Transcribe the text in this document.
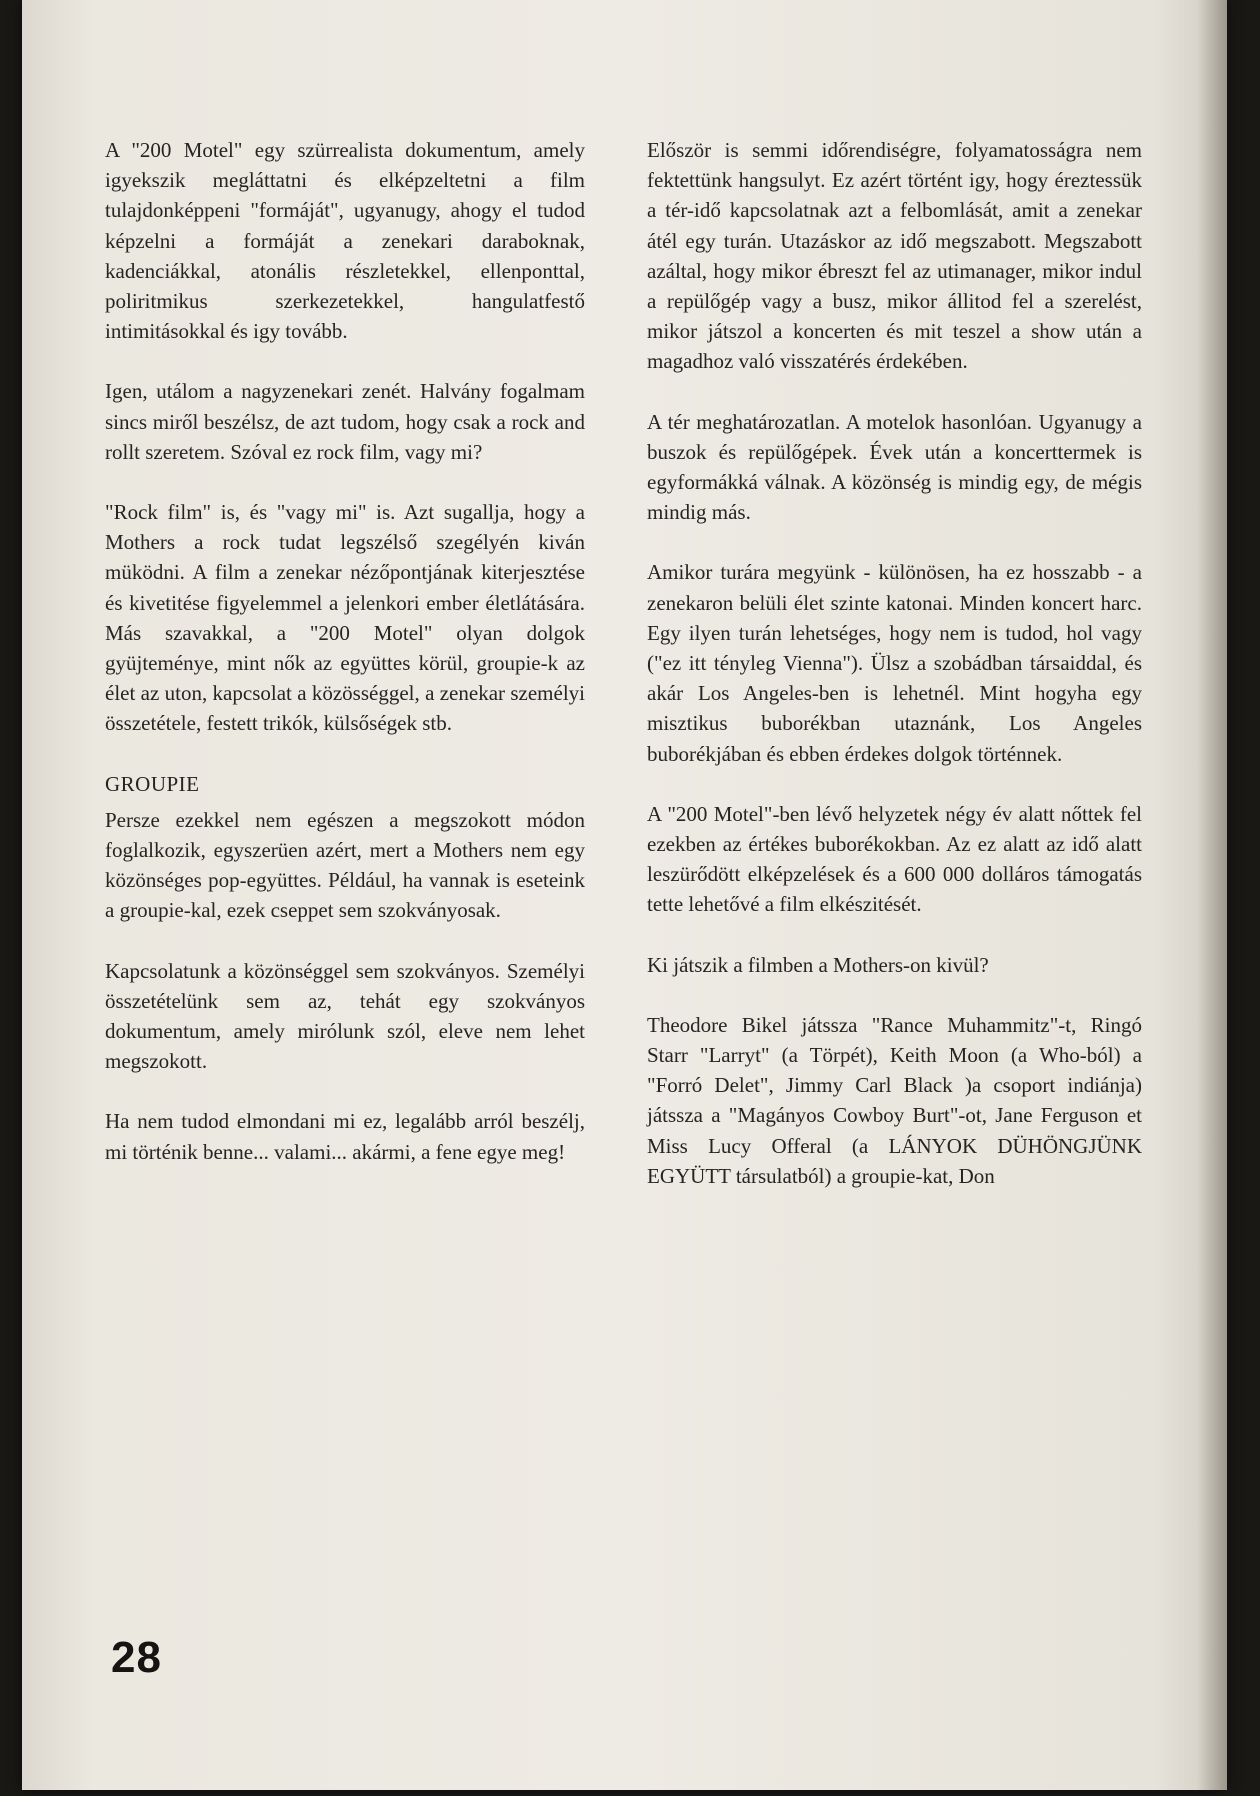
A "200 Motel" egy szürrealista dokumentum, amely igyekszik megláttatni és elképzeltetni a film tulajdonképpeni "formáját", ugyanugy, ahogy el tudod képzelni a formáját a zenekari daraboknak, kadenciákkal, atonális részletekkel, ellenponttal, poliritmikus szerkezetekkel, hangulatfestő intimitásokkal és igy tovább.

Igen, utálom a nagyzenekari zenét. Halvány fogalmam sincs miről beszélsz, de azt tudom, hogy csak a rock and rollt szeretem. Szóval ez rock film, vagy mi?

"Rock film" is, és "vagy mi" is. Azt sugallja, hogy a Mothers a rock tudat legszélső szegélyén kiván müködni. A film a zenekar nézőpontjának kiterjesztése és kivetitése figyelemmel a jelenkori ember életlátására. Más szavakkal, a "200 Motel" olyan dolgok gyüjteménye, mint nők az együttes körül, groupie-k az élet az uton, kapcsolat a közösséggel, a zenekar személyi összetétele, festett trikók, külsőségek stb.

GROUPIE

Persze ezekkel nem egészen a megszokott módon foglalkozik, egyszerüen azért, mert a Mothers nem egy közönséges pop-együttes. Például, ha vannak is eseteink a groupie-kal, ezek cseppet sem szokványosak.

Kapcsolatunk a közönséggel sem szokványos. Személyi összetételünk sem az, tehát egy szokványos dokumentum, amely mirólunk szól, eleve nem lehet megszokott.

Ha nem tudod elmondani mi ez, legalább arról beszélj, mi történik benne... valami... akármi, a fene egye meg!

Először is semmi időrendiségre, folyamatosságra nem fektettünk hangsulyt. Ez azért történt igy, hogy éreztessük a tér-idő kapcsolatnak azt a felbomlását, amit a zenekar átél egy turán. Utazáskor az idő megszabott. Megszabott azáltal, hogy mikor ébreszt fel az utimanager, mikor indul a repülőgép vagy a busz, mikor állitod fel a szerelést, mikor játszol a koncerten és mit teszel a show után a magadhoz való visszatérés érdekében.

A tér meghatározatlan. A motelok hasonlóan. Ugyanugy a buszok és repülőgépek. Évek után a koncerttermek is egyformákká válnak. A közönség is mindig egy, de mégis mindig más.

Amikor turára megyünk - különösen, ha ez hosszabb - a zenekaron belüli élet szinte katonai. Minden koncert harc. Egy ilyen turán lehetséges, hogy nem is tudod, hol vagy ("ez itt tényleg Vienna"). Ülsz a szobádban társaiddal, és akár Los Angeles-ben is lehetnél. Mint hogyha egy misztikus buborékban utaznánk, Los Angeles buborékjában és ebben érdekes dolgok történnek.

A "200 Motel"-ben lévő helyzetek négy év alatt nőttek fel ezekben az értékes buborékokban. Az ez alatt az idő alatt leszürődött elképzelések és a 600 000 dolláros támogatás tette lehetővé a film elkészitését.

Ki játszik a filmben a Mothers-on kivül?

Theodore Bikel játssza "Rance Muhammitz"-t, Ringó Starr "Larryt" (a Törpét), Keith Moon (a Who-ból) a "Forró Delet", Jimmy Carl Black )a csoport indiánja) játssza a "Magányos Cowboy Burt"-ot, Jane Ferguson et Miss Lucy Offeral (a LÁNYOK DÜHÖNGJÜNK EGYÜTT társulatból) a groupie-kat, Don

28
